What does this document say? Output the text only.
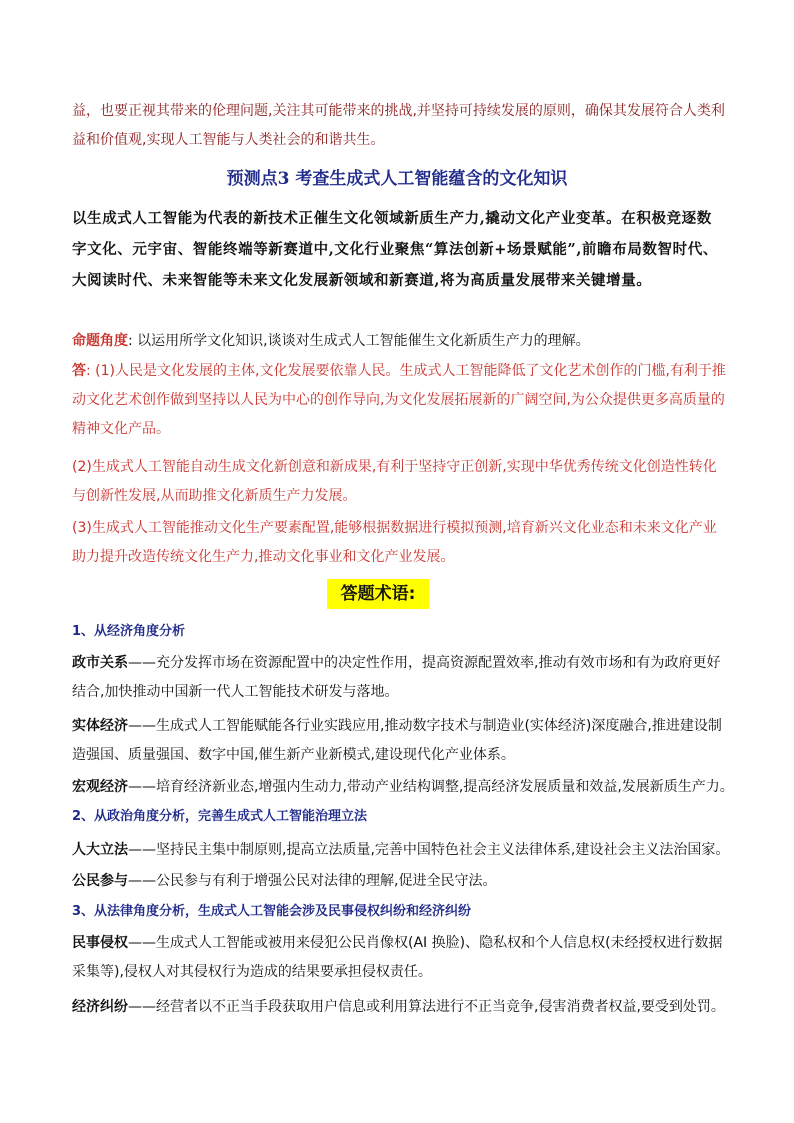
益，也要正视其带来的伦理问题,关注其可能带来的挑战,并坚持可持续发展的原则，确保其发展符合人类利益和价值观,实现人工智能与人类社会的和谐共生。

预测点3 考查生成式人工智能蕴含的文化知识

以生成式人工智能为代表的新技术正催生文化领域新质生产力,撬动文化产业变革。在积极竞逐数字文化、元宇宙、智能终端等新赛道中,文化行业聚焦“算法创新+场景赋能”,前瞻布局数智时代、大阅读时代、未来智能等未来文化发展新领域和新赛道,将为高质量发展带来关键增量。

命题角度: 以运用所学文化知识,谈谈对生成式人工智能催生文化新质生产力的理解。

答: (1)人民是文化发展的主体,文化发展要依靠人民。生成式人工智能降低了文化艺术创作的门槛,有利于推动文化艺术创作做到坚持以人民为中心的创作导向,为文化发展拓展新的广阔空间,为公众提供更多高质量的精神文化产品。

(2)生成式人工智能自动生成文化新创意和新成果,有利于坚持守正创新,实现中华优秀传统文化创造性转化与创新性发展,从而助推文化新质生产力发展。

(3)生成式人工智能推动文化生产要素配置,能够根据数据进行模拟预测,培育新兴文化业态和未来文化产业助力提升改造传统文化生产力,推动文化事业和文化产业发展。

答题术语:
1、从经济角度分析

政市关系——充分发挥市场在资源配置中的决定性作用，提高资源配置效率,推动有效市场和有为政府更好结合,加快推动中国新一代人工智能技术研发与落地。

实体经济——生成式人工智能赋能各行业实践应用,推动数字技术与制造业(实体经济)深度融合,推进建设制造强国、质量强国、数字中国,催生新产业新模式,建设现代化产业体系。

宏观经济——培育经济新业态,增强内生动力,带动产业结构调整,提高经济发展质量和效益,发展新质生产力。

2、从政治角度分析，完善生成式人工智能治理立法

人大立法——坚持民主集中制原则,提高立法质量,完善中国特色社会主义法律体系,建设社会主义法治国家。

公民参与——公民参与有利于增强公民对法律的理解,促进全民守法。

3、从法律角度分析，生成式人工智能会涉及民事侵权纠纷和经济纠纷

民事侵权——生成式人工智能或被用来侵犯公民肖像权(AI 换脸)、隐私权和个人信息权(未经授权进行数据采集等),侵权人对其侵权行为造成的结果要承担侵权责任。

经济纠纷——经营者以不正当手段获取用户信息或利用算法进行不正当竞争,侵害消费者权益,要受到处罚。
